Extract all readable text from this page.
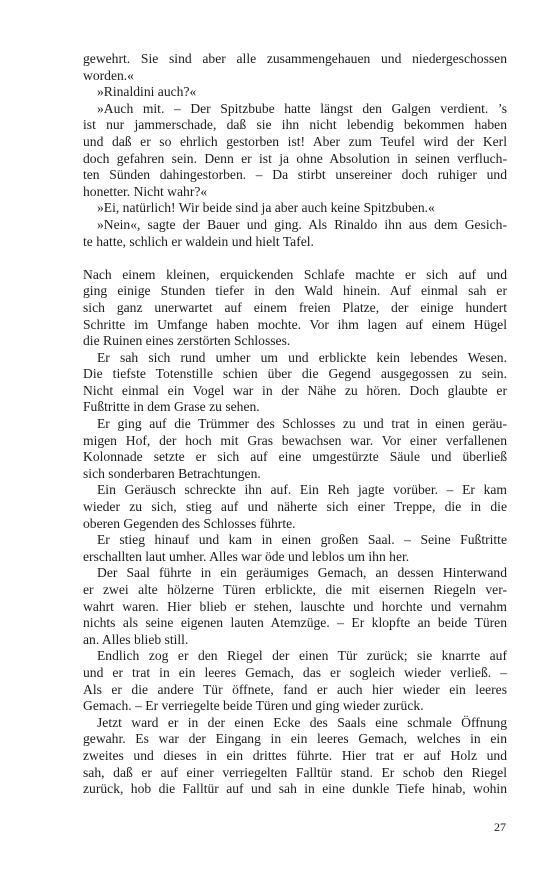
gewehrt. Sie sind aber alle zusammengehauen und niedergeschossen
worden.«
»Rinaldini auch?«
»Auch mit. – Der Spitzbube hatte längst den Galgen verdient. ’s
ist nur jammerschade, daß sie ihn nicht lebendig bekommen haben
und daß er so ehrlich gestorben ist! Aber zum Teufel wird der Kerl
doch gefahren sein. Denn er ist ja ohne Absolution in seinen verfluch-
ten Sünden dahingestorben. – Da stirbt unsereiner doch ruhiger und
honetter. Nicht wahr?«
»Ei, natürlich! Wir beide sind ja aber auch keine Spitzbuben.«
»Nein«, sagte der Bauer und ging. Als Rinaldo ihn aus dem Gesich-
te hatte, schlich er waldein und hielt Tafel.
Nach einem kleinen, erquickenden Schlafe machte er sich auf und
ging einige Stunden tiefer in den Wald hinein. Auf einmal sah er
sich ganz unerwartet auf einem freien Platze, der einige hundert
Schritte im Umfange haben mochte. Vor ihm lagen auf einem Hügel
die Ruinen eines zerstörten Schlosses.
Er sah sich rund umher um und erblickte kein lebendes Wesen.
Die tiefste Totenstille schien über die Gegend ausgegossen zu sein.
Nicht einmal ein Vogel war in der Nähe zu hören. Doch glaubte er
Fußtritte in dem Grase zu sehen.
Er ging auf die Trümmer des Schlosses zu und trat in einen geräu-
migen Hof, der hoch mit Gras bewachsen war. Vor einer verfallenen
Kolonnade setzte er sich auf eine umgestürzte Säule und überließ
sich sonderbaren Betrachtungen.
Ein Geräusch schreckte ihn auf. Ein Reh jagte vorüber. – Er kam
wieder zu sich, stieg auf und näherte sich einer Treppe, die in die
oberen Gegenden des Schlosses führte.
Er stieg hinauf und kam in einen großen Saal. – Seine Fußtritte
erschallten laut umher. Alles war öde und leblos um ihn her.
Der Saal führte in ein geräumiges Gemach, an dessen Hinterwand
er zwei alte hölzerne Türen erblickte, die mit eisernen Riegeln ver-
wahrt waren. Hier blieb er stehen, lauschte und horchte und vernahm
nichts als seine eigenen lauten Atemzüge. – Er klopfte an beide Türen
an. Alles blieb still.
Endlich zog er den Riegel der einen Tür zurück; sie knarrte auf
und er trat in ein leeres Gemach, das er sogleich wieder verließ. –
Als er die andere Tür öffnete, fand er auch hier wieder ein leeres
Gemach. – Er verriegelte beide Türen und ging wieder zurück.
Jetzt ward er in der einen Ecke des Saals eine schmale Öffnung
gewahr. Es war der Eingang in ein leeres Gemach, welches in ein
zweites und dieses in ein drittes führte. Hier trat er auf Holz und
sah, daß er auf einer verriegelten Falltür stand. Er schob den Riegel
zurück, hob die Falltür auf und sah in eine dunkle Tiefe hinab, wohin
27
